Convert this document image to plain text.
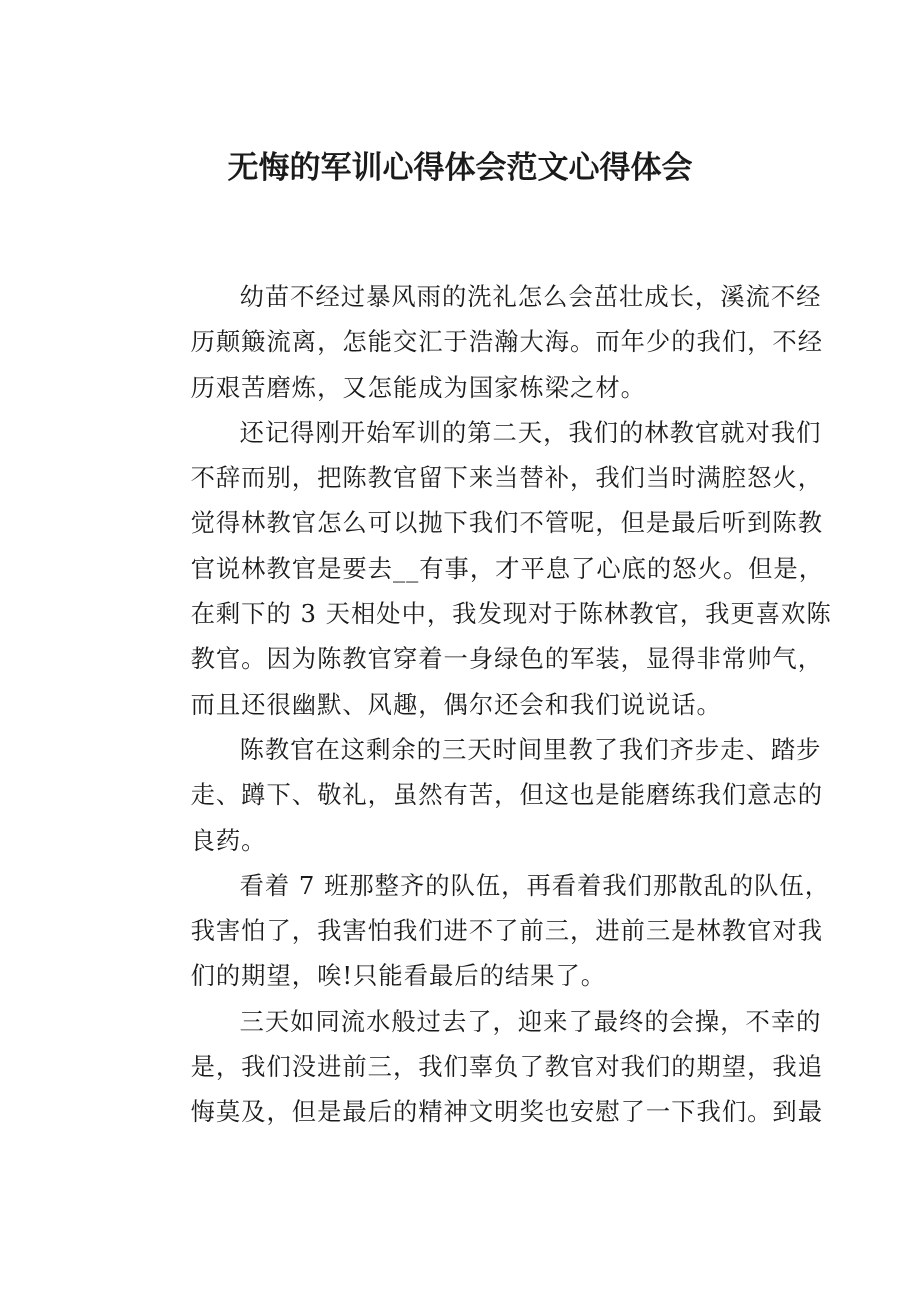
无悔的军训心得体会范文心得体会

幼苗不经过暴风雨的洗礼怎么会茁壮成长，溪流不经
历颠簸流离，怎能交汇于浩瀚大海。而年少的我们，不经
历艰苦磨炼，又怎能成为国家栋梁之材。

还记得刚开始军训的第二天，我们的林教官就对我们
不辞而别，把陈教官留下来当替补，我们当时满腔怒火，
觉得林教官怎么可以抛下我们不管呢，但是最后听到陈教
官说林教官是要去__有事，才平息了心底的怒火。但是，
在剩下的 3 天相处中，我发现对于陈林教官，我更喜欢陈
教官。因为陈教官穿着一身绿色的军装，显得非常帅气，
而且还很幽默、风趣，偶尔还会和我们说说话。

陈教官在这剩余的三天时间里教了我们齐步走、踏步
走、蹲下、敬礼，虽然有苦，但这也是能磨练我们意志的
良药。

看着 7 班那整齐的队伍，再看着我们那散乱的队伍，
我害怕了，我害怕我们进不了前三，进前三是林教官对我
们的期望，唉!只能看最后的结果了。

三天如同流水般过去了，迎来了最终的会操，不幸的
是，我们没进前三，我们辜负了教官对我们的期望，我追
悔莫及，但是最后的精神文明奖也安慰了一下我们。到最
